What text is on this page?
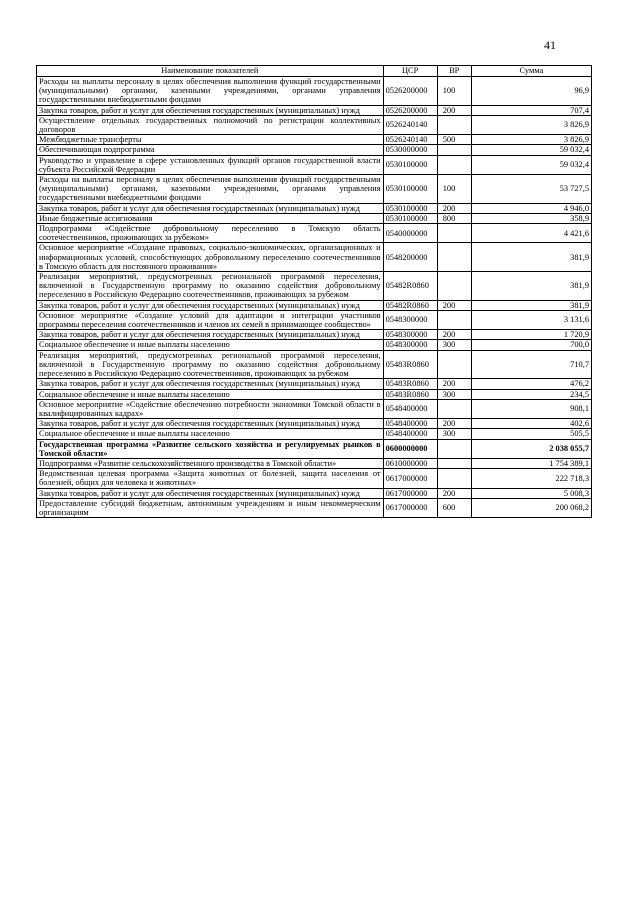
41
Наименование показателей	ЦСР	ВР	Сумма
Расходы на выплаты персоналу в целях обеспечения выполнения функций государственными (муниципальными) органами, казенными учреждениями, органами управления государственными внебюджетными фондами	0526200000	100	96,9
Закупка товаров, работ и услуг для обеспечения государственных (муниципальных) нужд	0526200000	200	707,4
Осуществление отдельных государственных полномочий по регистрации коллективных договоров	0526240140		3 826,9
Межбюджетные трансферты	0526240140	500	3 826,9
Обеспечивающая подпрограмма	0530000000		59 032,4
Руководство и управление в сфере установленных функций органов государственной власти субъекта Российской Федерации	0530100000		59 032,4
Расходы на выплаты персоналу в целях обеспечения выполнения функций государственными (муниципальными) органами, казенными учреждениями, органами управления государственными внебюджетными фондами	0530100000	100	53 727,5
Закупка товаров, работ и услуг для обеспечения государственных (муниципальных) нужд	0530100000	200	4 946,0
Иные бюджетные ассигнования	0530100000	800	358,9
Подпрограмма «Содействие добровольному переселению в Томскую область соотечественников, проживающих за рубежом»	0540000000		4 421,6
Основное мероприятие «Создание правовых, социально-экономических, организационных и информационных условий, способствующих добровольному переселению соотечественников в Томскую область для постоянного проживания»	0548200000		381,9
Реализация мероприятий, предусмотренных региональной программой переселения, включенной в Государственную программу по оказанию содействия добровольному переселению в Российскую Федерацию соотечественников, проживающих за рубежом	05482R0860		381,9
Закупка товаров, работ и услуг для обеспечения государственных (муниципальных) нужд	05482R0860	200	381,9
Основное мероприятие «Создание условий для адаптации и интеграции участников программы переселения соотечественников и членов их семей в принимающее сообщество»	0548300000		3 131,6
Закупка товаров, работ и услуг для обеспечения государственных (муниципальных) нужд	0548300000	200	1 720,9
Социальное обеспечение и иные выплаты населению	0548300000	300	700,0
Реализация мероприятий, предусмотренных региональной программой переселения, включенной в Государственную программу по оказанию содействия добровольному переселению в Российскую Федерацию соотечественников, проживающих за рубежом	05483R0860		710,7
Закупка товаров, работ и услуг для обеспечения государственных (муниципальных) нужд	05483R0860	200	476,2
Социальное обеспечение и иные выплаты населению	05483R0860	300	234,5
Основное мероприятие «Содействие обеспечению потребности экономики Томской области в квалифицированных кадрах»	0548400000		908,1
Закупка товаров, работ и услуг для обеспечения государственных (муниципальных) нужд	0548400000	200	402,6
Социальное обеспечение и иные выплаты населению	0548400000	300	505,5
Государственная программа «Развитие сельского хозяйства и регулируемых рынков в Томской области»	0600000000		2 038 055,7
Подпрограмма «Развитие сельскохозяйственного производства в Томской области»	0610000000		1 754 389,1
Ведомственная целевая программа «Защита животных от болезней, защита населения от болезней, общих для человека и животных»	0617000000		222 718,3
Закупка товаров, работ и услуг для обеспечения государственных (муниципальных) нужд	0617000000	200	5 008,3
Предоставление субсидий бюджетным, автономным учреждениям и иным некоммерческим организациям	0617000000	600	200 068,2
